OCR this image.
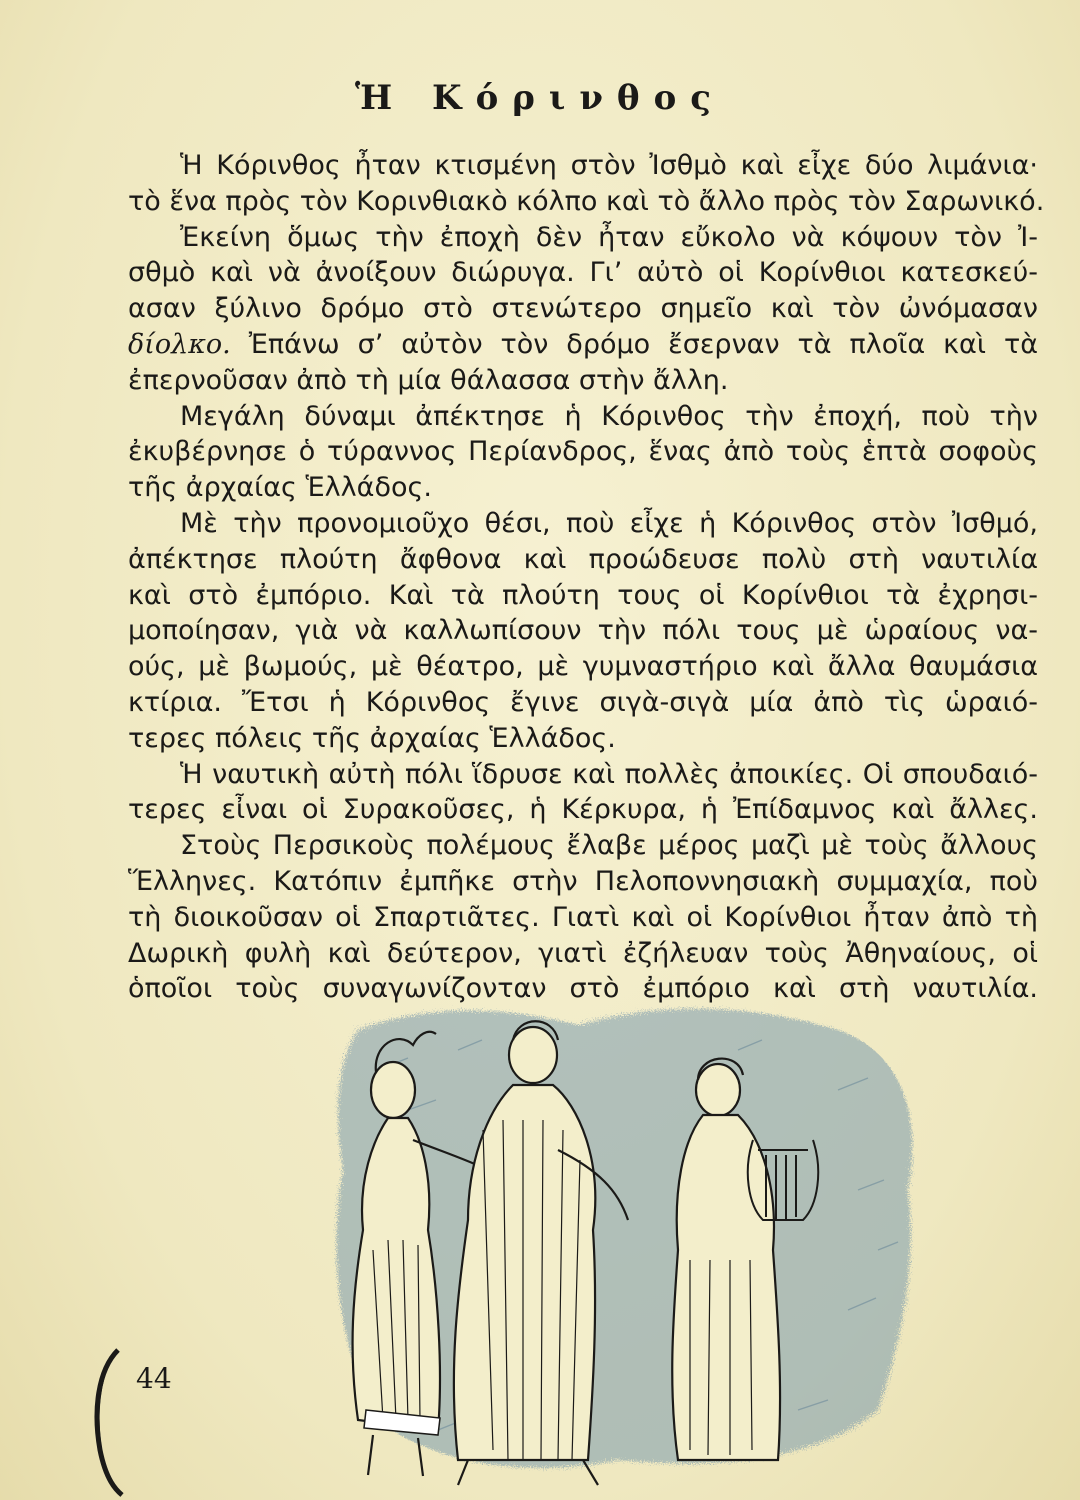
Ἡ Κόρινθος
Ἡ Κόρινθος ἦταν κτισμένη στὸν Ἰσθμὸ καὶ εἶχε δύο λιμάνια·
τὸ ἕνα πρὸς τὸν Κορινθιακὸ κόλπο καὶ τὸ ἄλλο πρὸς τὸν Σαρωνικό.
Ἐκείνη ὅμως τὴν ἐποχὴ δὲν ἦταν εὔκολο νὰ κόψουν τὸν Ἰ-
σθμὸ καὶ νὰ ἀνοίξουν διώρυγα. Γι’ αὐτὸ οἱ Κορίνθιοι κατεσκεύ-
ασαν ξύλινο δρόμο στὸ στενώτερο σημεῖο καὶ τὸν ὠνόμασαν
δίολκο. Ἐπάνω σ’ αὐτὸν τὸν δρόμο ἔσερναν τὰ πλοῖα καὶ τὰ
ἐπερνοῦσαν ἀπὸ τὴ μία θάλασσα στὴν ἄλλη.
Μεγάλη δύναμι ἀπέκτησε ἡ Κόρινθος τὴν ἐποχή, ποὺ τὴν
ἐκυβέρνησε ὁ τύραννος Περίανδρος, ἕνας ἀπὸ τοὺς ἑπτὰ σοφοὺς
τῆς ἀρχαίας Ἑλλάδος.
Μὲ τὴν προνομιοῦχο θέσι, ποὺ εἶχε ἡ Κόρινθος στὸν Ἰσθμό,
ἀπέκτησε πλούτη ἄφθονα καὶ προώδευσε πολὺ στὴ ναυτιλία
καὶ στὸ ἐμπόριο. Καὶ τὰ πλούτη τους οἱ Κορίνθιοι τὰ ἐχρησι-
μοποίησαν, γιὰ νὰ καλλωπίσουν τὴν πόλι τους μὲ ὡραίους να-
ούς, μὲ βωμούς, μὲ θέατρο, μὲ γυμναστήριο καὶ ἄλλα θαυμάσια
κτίρια. Ἔτσι ἡ Κόρινθος ἔγινε σιγὰ-σιγὰ μία ἀπὸ τὶς ὡραιό-
τερες πόλεις τῆς ἀρχαίας Ἑλλάδος.
Ἡ ναυτικὴ αὐτὴ πόλι ἵδρυσε καὶ πολλὲς ἀποικίες. Οἱ σπουδαιό-
τερες εἶναι οἱ Συρακοῦσες, ἡ Κέρκυρα, ἡ Ἐπίδαμνος καὶ ἄλλες.
Στοὺς Περσικοὺς πολέμους ἔλαβε μέρος μαζὶ μὲ τοὺς ἄλλους
Ἕλληνες. Κατόπιν ἐμπῆκε στὴν Πελοποννησιακὴ συμμαχία, ποὺ
τὴ διοικοῦσαν οἱ Σπαρτιᾶτες. Γιατὶ καὶ οἱ Κορίνθιοι ἦταν ἀπὸ τὴ
Δωρικὴ φυλὴ καὶ δεύτερον, γιατὶ ἐζήλευαν τοὺς Ἀθηναίους, οἱ
ὁποῖοι τοὺς συναγωνίζονταν στὸ ἐμπόριο καὶ στὴ ναυτιλία.
44
